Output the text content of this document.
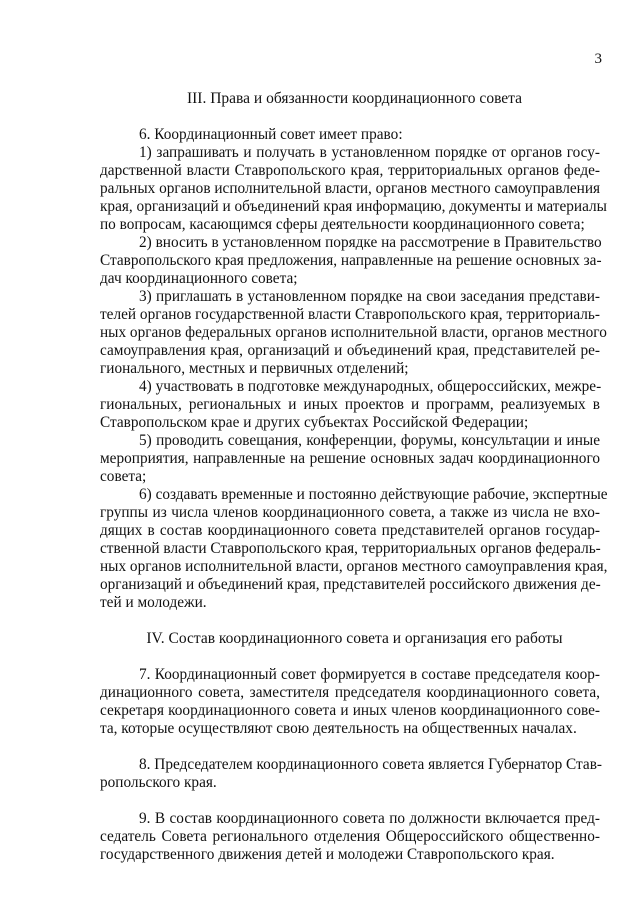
3
III. Права и обязанности координационного совета
6. Координационный совет имеет право:
1) запрашивать и получать в установленном порядке от органов госу-
дарственной власти Ставропольского края, территориальных органов феде-
ральных органов исполнительной власти, органов местного самоуправления
края, организаций и объединений края информацию, документы и материалы
по вопросам, касающимся сферы деятельности координационного совета;
2) вносить в установленном порядке на рассмотрение в Правительство
Ставропольского края предложения, направленные на решение основных за-
дач координационного совета;
3) приглашать в установленном порядке на свои заседания представи-
телей органов государственной власти Ставропольского края, территориаль-
ных органов федеральных органов исполнительной власти, органов местного
самоуправления края, организаций и объединений края, представителей ре-
гионального, местных и первичных отделений;
4) участвовать в подготовке международных, общероссийских, межре-
гиональных, региональных и иных проектов и программ, реализуемых в
Ставропольском крае и других субъектах Российской Федерации;
5) проводить совещания, конференции, форумы, консультации и иные
мероприятия, направленные на решение основных задач координационного
совета;
6) создавать временные и постоянно действующие рабочие, экспертные
группы из числа членов координационного совета, а также из числа не вхо-
дящих в состав координационного совета представителей органов государ-
ственной власти Ставропольского края, территориальных органов федераль-
ных органов исполнительной власти, органов местного самоуправления края,
организаций и объединений края, представителей российского движения де-
тей и молодежи.
IV. Состав координационного совета и организация его работы
7. Координационный совет формируется в составе председателя коор-
динационного совета, заместителя председателя координационного совета,
секретаря координационного совета и иных членов координационного сове-
та, которые осуществляют свою деятельность на общественных началах.
8. Председателем координационного совета является Губернатор Став-
ропольского края.
9. В состав координационного совета по должности включается пред-
седатель Совета регионального отделения Общероссийского общественно-
государственного движения детей и молодежи Ставропольского края.
